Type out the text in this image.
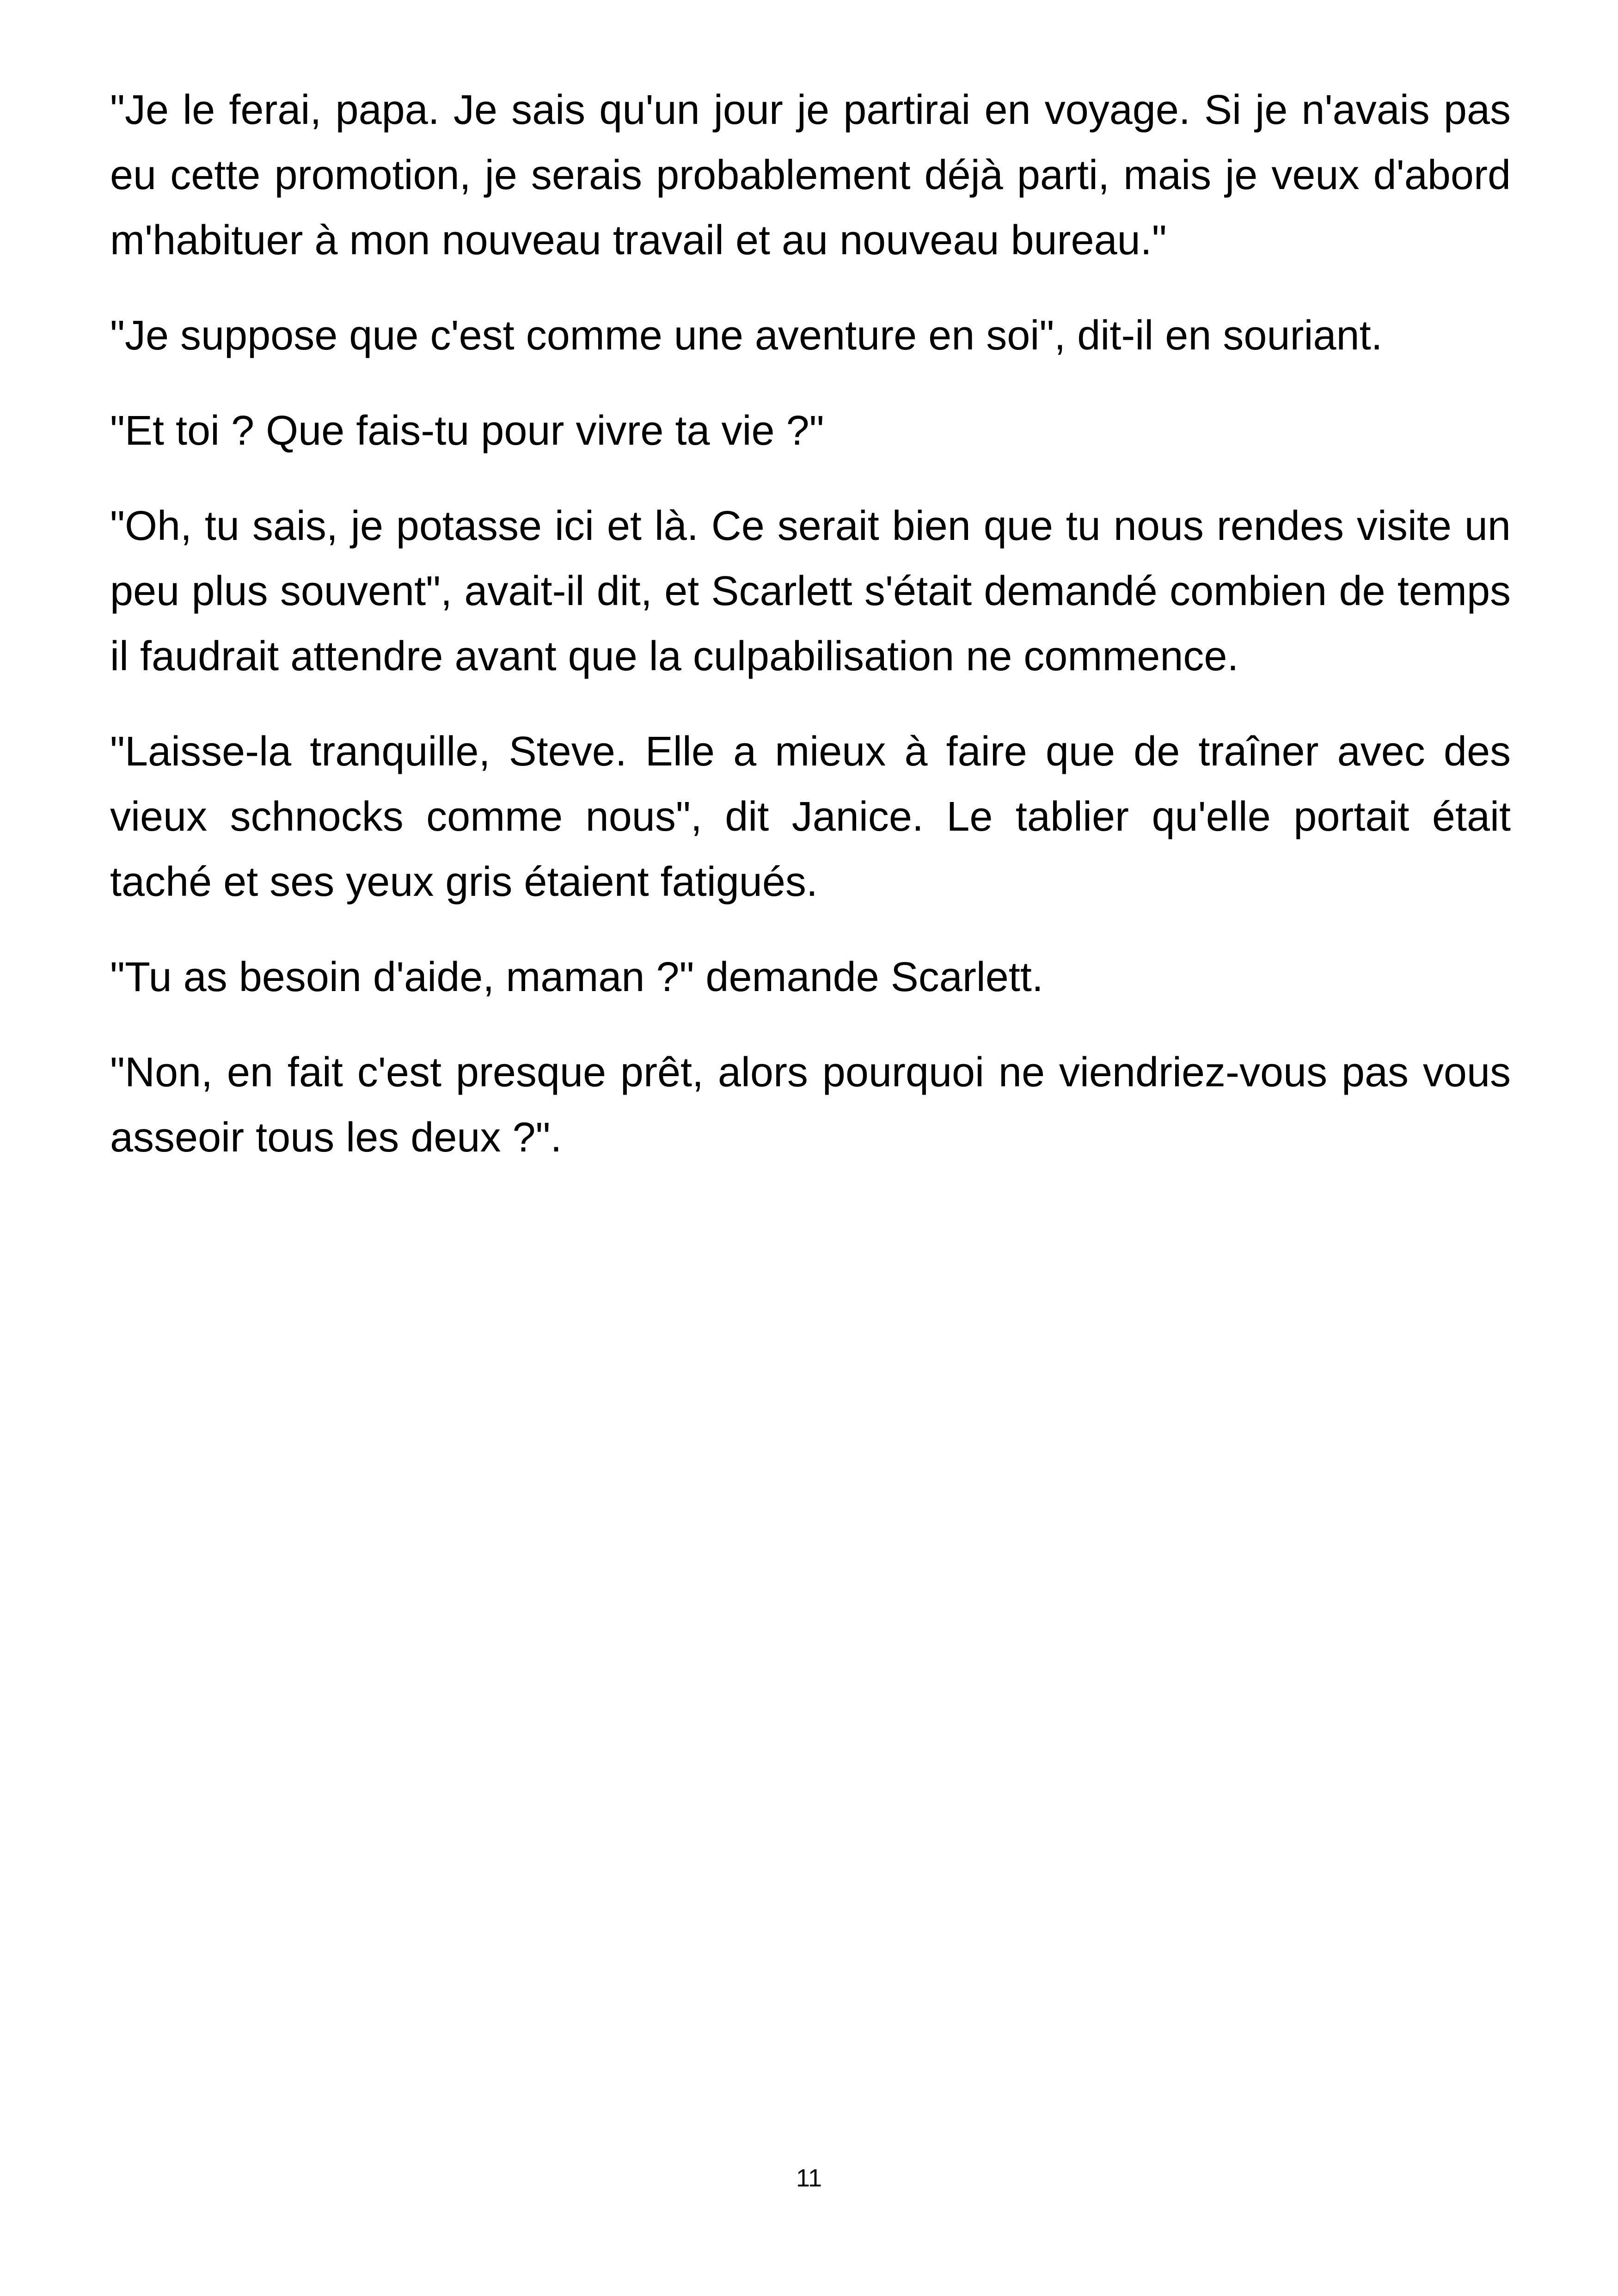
"Je le ferai, papa. Je sais qu'un jour je partirai en voyage. Si je n'avais pas eu cette promotion, je serais probablement déjà parti, mais je veux d'abord m'habituer à mon nouveau travail et au nouveau bureau."

"Je suppose que c'est comme une aventure en soi", dit-il en souriant.

"Et toi ? Que fais-tu pour vivre ta vie ?"

"Oh, tu sais, je potasse ici et là. Ce serait bien que tu nous rendes visite un peu plus souvent", avait-il dit, et Scarlett s'était demandé combien de temps il faudrait attendre avant que la culpabilisation ne commence.

"Laisse-la tranquille, Steve. Elle a mieux à faire que de traîner avec des vieux schnocks comme nous", dit Janice. Le tablier qu'elle portait était taché et ses yeux gris étaient fatigués.

"Tu as besoin d'aide, maman ?" demande Scarlett.

"Non, en fait c'est presque prêt, alors pourquoi ne viendriez-vous pas vous asseoir tous les deux ?".

11
